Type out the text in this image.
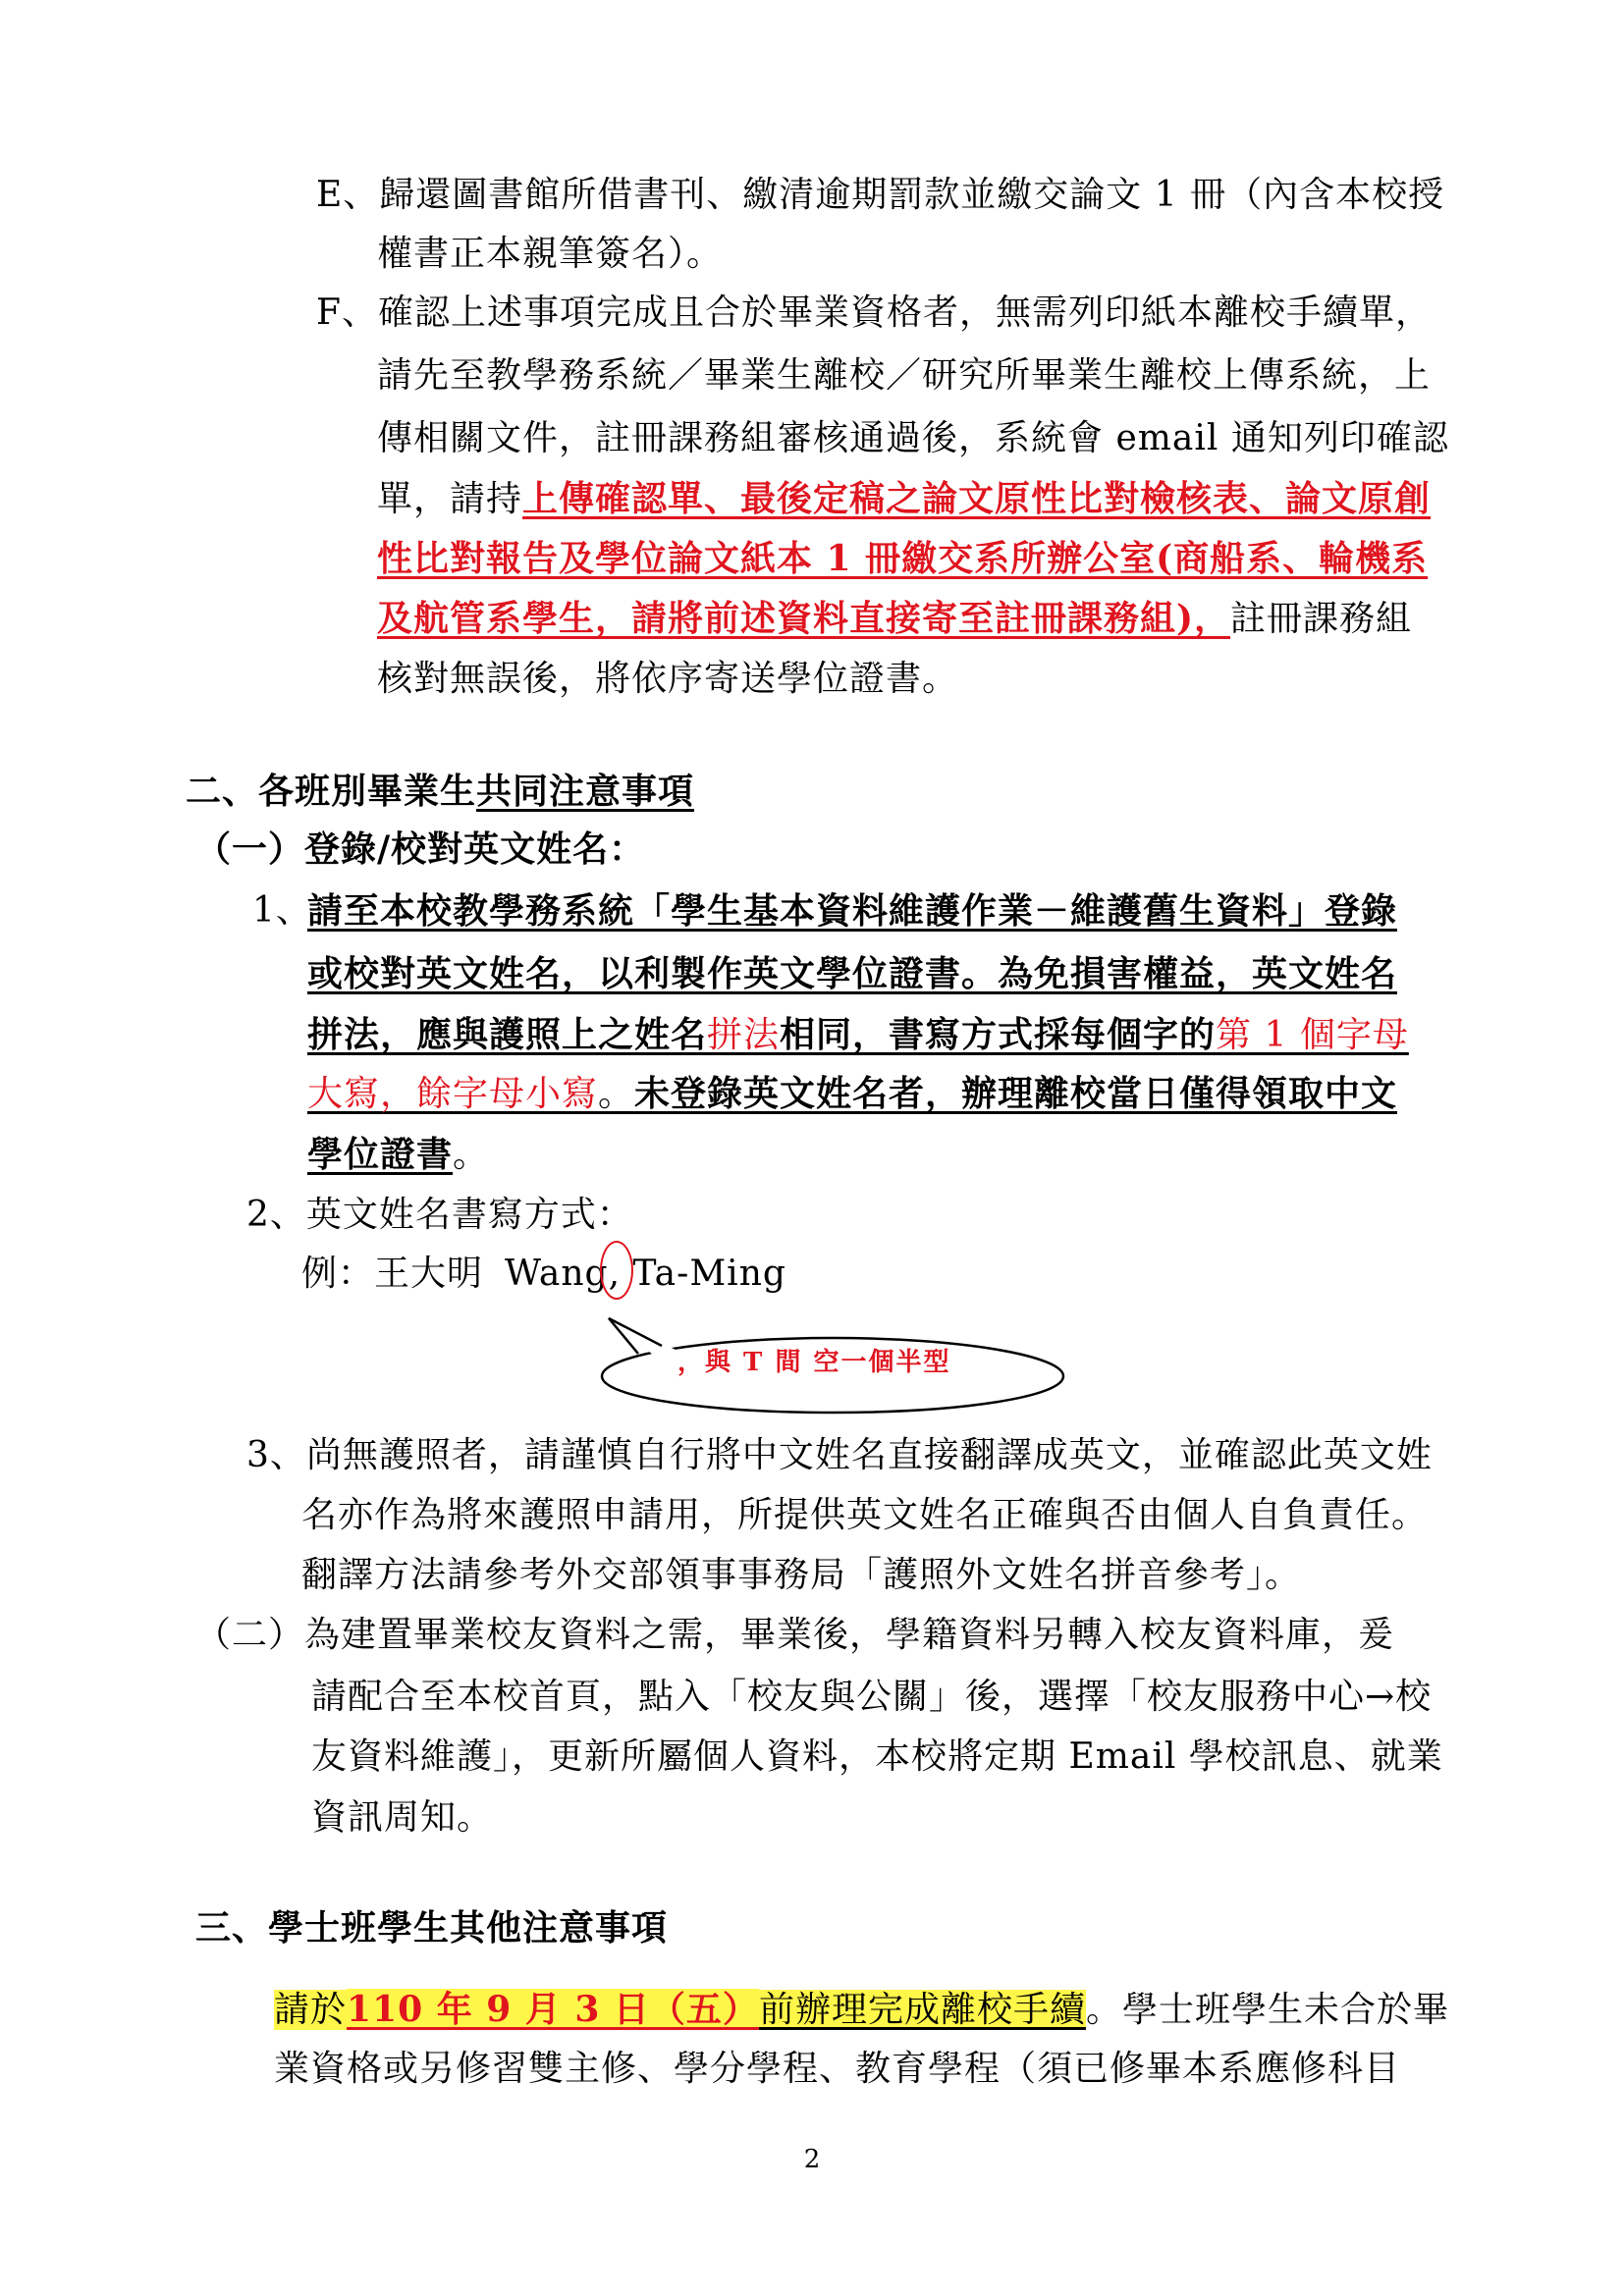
E、歸還圖書館所借書刊、繳清逾期罰款並繳交論文 1 冊（內含本校授
權書正本親筆簽名）。
F、確認上述事項完成且合於畢業資格者，無需列印紙本離校手續單，
請先至教學務系統／畢業生離校／研究所畢業生離校上傳系統，上
傳相關文件，註冊課務組審核通過後，系統會 email 通知列印確認
單，請持上傳確認單、最後定稿之論文原性比對檢核表、論文原創
性比對報告及學位論文紙本 1 冊繳交系所辦公室(商船系、輪機系
及航管系學生，請將前述資料直接寄至註冊課務組)，註冊課務組
核對無誤後，將依序寄送學位證書。
二、各班別畢業生共同注意事項
（一）登錄/校對英文姓名：
1、
請至本校教學務系統「學生基本資料維護作業－維護舊生資料」登錄
或校對英文姓名，以利製作英文學位證書。為免損害權益，英文姓名
拼法，應與護照上之姓名拼法相同，書寫方式採每個字的第 1 個字母
大寫，餘字母小寫。未登錄英文姓名者，辦理離校當日僅得領取中文
學位證書。
2、英文姓名書寫方式：
例：王大明 Wang, Ta-Ming
，與 T 間 空一個半型
3、尚無護照者，請謹慎自行將中文姓名直接翻譯成英文，並確認此英文姓
名亦作為將來護照申請用，所提供英文姓名正確與否由個人自負責任。
翻譯方法請參考外交部領事事務局「護照外文姓名拼音參考」。
（二）為建置畢業校友資料之需，畢業後，學籍資料另轉入校友資料庫，爰
請配合至本校首頁，點入「校友與公關」後，選擇「校友服務中心→校
友資料維護」，更新所屬個人資料，本校將定期 Email 學校訊息、就業
資訊周知。
三、學士班學生其他注意事項
請於110 年 9 月 3 日（五）前辦理完成離校手續。學士班學生未合於畢
業資格或另修習雙主修、學分學程、教育學程（須已修畢本系應修科目
2
